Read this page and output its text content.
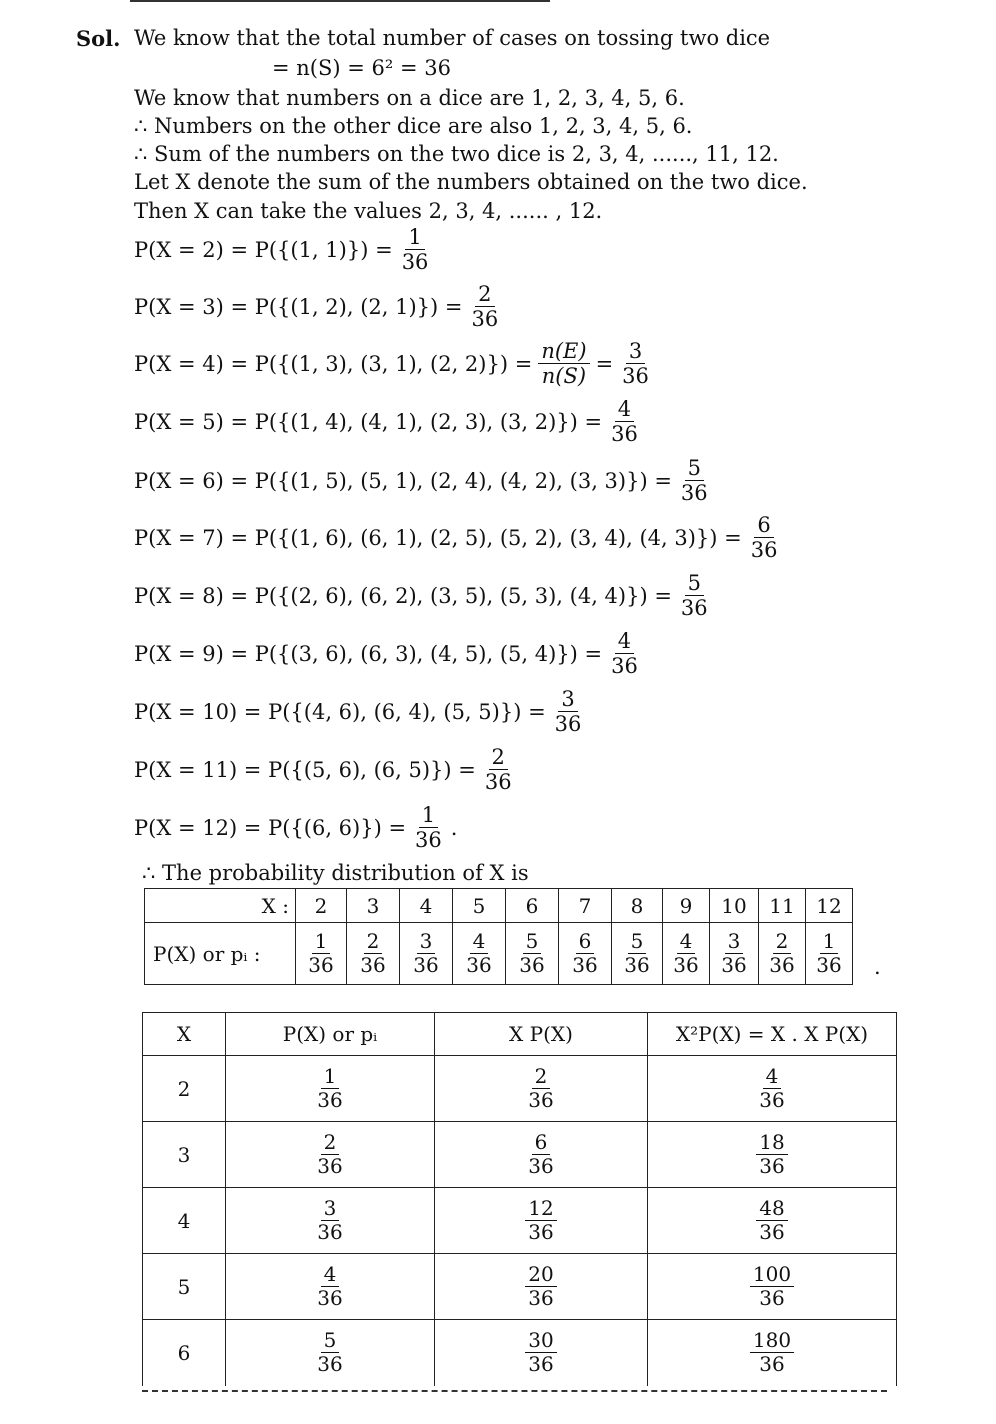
Sol. We know that the total number of cases on tossing two dice
= n(S) = 6² = 36
We know that numbers on a dice are 1, 2, 3, 4, 5, 6.
∴ Numbers on the other dice are also 1, 2, 3, 4, 5, 6.
∴ Sum of the numbers on the two dice is 2, 3, 4, ......, 11, 12.
Let X denote the sum of the numbers obtained on the two dice.
Then X can take the values 2, 3, 4, ...... , 12.
P(X = 2) = P({(1, $1)\}) = \frac{1}{36}$
P(X = 3) = P({(1, 2), (2, $1)\}) = \frac{2}{36}$
P(X = 4) = P({(1, 3), (3, 1), (2, $2)\}) = \frac{n(E)}{n(S)} = \frac{3}{36}$
P(X = 5) = P({(1, 4), (4, 1), (2, 3), (3, $2)\}) = \frac{4}{36}$
P(X = 6) = P({(1, 5), (5, 1), (2, 4), (4, 2), (3, $3)\}) = \frac{5}{36}$
P(X = 7) = P({(1, 6), (6, 1), (2, 5), (5, 2), (3, 4), (4, $3)\}) = \frac{6}{36}$
P(X = 8) = P({(2, 6), (6, 2), (3, 5), (5, 3), (4, $4)\}) = \frac{5}{36}$
P(X = 9) = P({(3, 6), (6, 3), (4, 5), (5, $4)\}) = \frac{4}{36}$
P(X = 10) = P({(4, 6), (6, 4), (5, $5)\}) = \frac{3}{36}$
P(X = 11) = P({(5, 6), (6, $5)\}) = \frac{2}{36}$
P(X = 12) = P({(6, $6)\}) = \frac{1}{36}$ .
∴ The probability distribution of X is
X :	2	3	4	5	6	7	8	9	10	11	12
P(X) or pᵢ :	$\frac{1}{36}$	$\frac{2}{36}$	$\frac{3}{36}$	$\frac{4}{36}$	$\frac{5}{36}$	$\frac{6}{36}$	$\frac{5}{36}$	$\frac{4}{36}$	$\frac{3}{36}$	$\frac{2}{36}$	$\frac{1}{36}$ .
X	P(X) or pᵢ	X P(X)	X²P(X) = X . X P(X)
2	$\frac{1}{36}$	$\frac{2}{36}$	$\frac{4}{36}$

3	$\frac{2}{36}$	$\frac{6}{36}$	$\frac{18}{36}$

4	$\frac{3}{36}$	$\frac{12}{36}$	$\frac{48}{36}$

5	$\frac{4}{36}$	$\frac{20}{36}$	$\frac{100}{36}$

6	$\frac{5}{36}$	$\frac{30}{36}$	$\frac{180}{36}$
